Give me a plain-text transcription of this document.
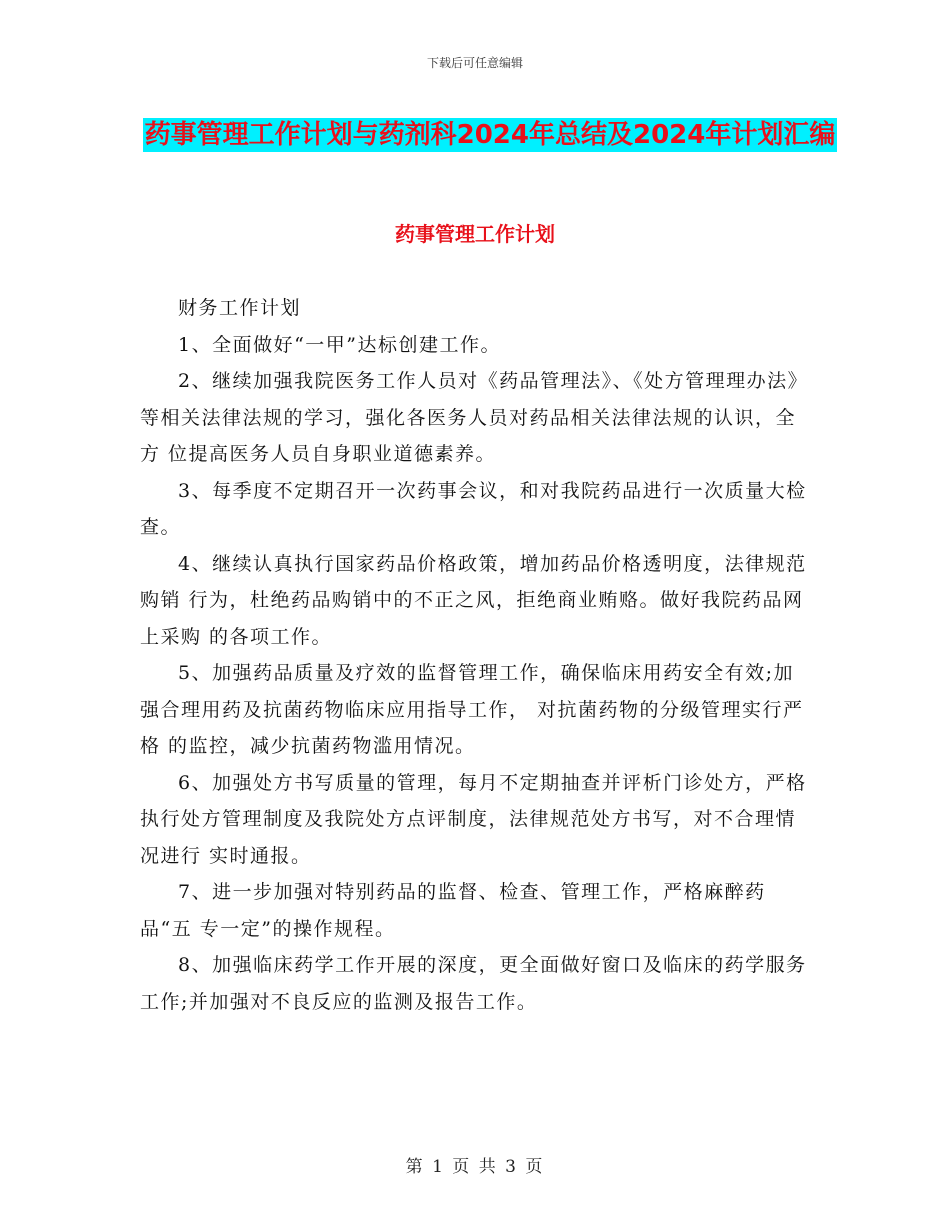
下载后可任意编辑
药事管理工作计划与药剂科2024年总结及2024年计划汇编
药事管理工作计划

财务工作计划

1、全面做好“一甲”达标创建工作。

2、继续加强我院医务工作人员对《药品管理法》、《处方管理理办法》 等相关法律法规的学习，强化各医务人员对药品相关法律法规的认识，全方 位提高医务人员自身职业道德素养。

3、每季度不定期召开一次药事会议，和对我院药品进行一次质量大检 查。

4、继续认真执行国家药品价格政策，增加药品价格透明度，法律规范购销 行为，杜绝药品购销中的不正之风，拒绝商业贿赂。做好我院药品网上采购 的各项工作。

5、加强药品质量及疗效的监督管理工作，确保临床用药安全有效;加 强合理用药及抗菌药物临床应用指导工作， 对抗菌药物的分级管理实行严格 的监控，减少抗菌药物滥用情况。

6、加强处方书写质量的管理，每月不定期抽查并评析门诊处方，严格 执行处方管理制度及我院处方点评制度，法律规范处方书写，对不合理情况进行 实时通报。

7、进一步加强对特别药品的监督、检查、管理工作，严格麻醉药品“五 专一定”的操作规程。

8、加强临床药学工作开展的深度，更全面做好窗口及临床的药学服务 工作;并加强对不良反应的监测及报告工作。

第 1 页 共 3 页
